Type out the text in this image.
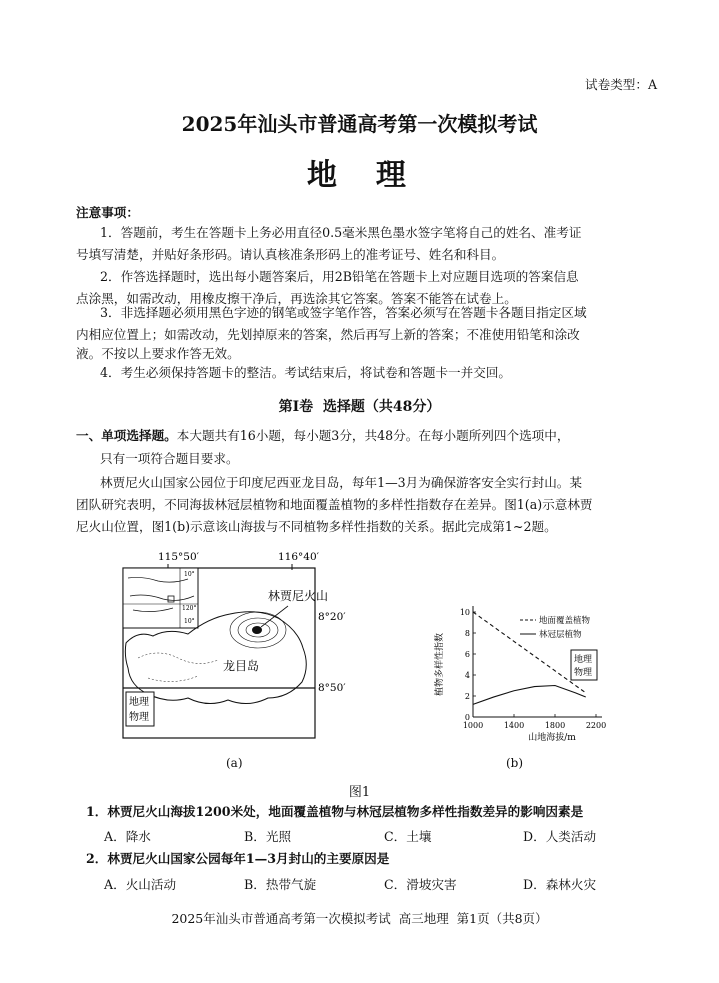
试卷类型：A
2025年汕头市普通高考第一次模拟考试
地  理
注意事项：
1．答题前，考生在答题卡上务必用直径0.5毫米黑色墨水签字笔将自己的姓名、准考证
号填写清楚，并贴好条形码。请认真核准条形码上的准考证号、姓名和科目。
2．作答选择题时，选出每小题答案后，用2B铅笔在答题卡上对应题目选项的答案信息
点涂黑，如需改动，用橡皮擦干净后，再选涂其它答案。答案不能答在试卷上。
3．非选择题必须用黑色字迹的钢笔或签字笔作答，答案必须写在答题卡各题目指定区域
内相应位置上；如需改动，先划掉原来的答案，然后再写上新的答案；不准使用铅笔和涂改
液。不按以上要求作答无效。
4．考生必须保持答题卡的整洁。考试结束后，将试卷和答题卡一并交回。
第Ⅰ卷  选择题（共48分）
一、单项选择题。本大题共有16小题，每小题3分，共48分。在每小题所列四个选项中，
只有一项符合题目要求。
林贾尼火山国家公园位于印度尼西亚龙目岛，每年1—3月为确保游客安全实行封山。某
团队研究表明，不同海拔林冠层植物和地面覆盖植物的多样性指数存在差异。图1(a)示意林贾
尼火山位置，图1(b)示意该山海拔与不同植物多样性指数的关系。据此完成第1~2题。
115°50′	116°40′
10°
10°
120°
林贾尼火山
龙目岛
8°20′
8°50′
地理
物理	0
2
4
6
8
10
1000	1400	1800	2200
山地海拔/m
植物多样性指数
地面覆盖植物
林冠层植物
地理
物理
(a)	(b)
图1
1．林贾尼火山海拔1200米处，地面覆盖植物与林冠层植物多样性指数差异的影响因素是
A．降水	B．光照	C．土壤	D．人类活动
2．林贾尼火山国家公园每年1—3月封山的主要原因是
A．火山活动	B．热带气旋	C．滑坡灾害	D．森林火灾
2025年汕头市普通高考第一次模拟考试  高三地理  第1页（共8页）
